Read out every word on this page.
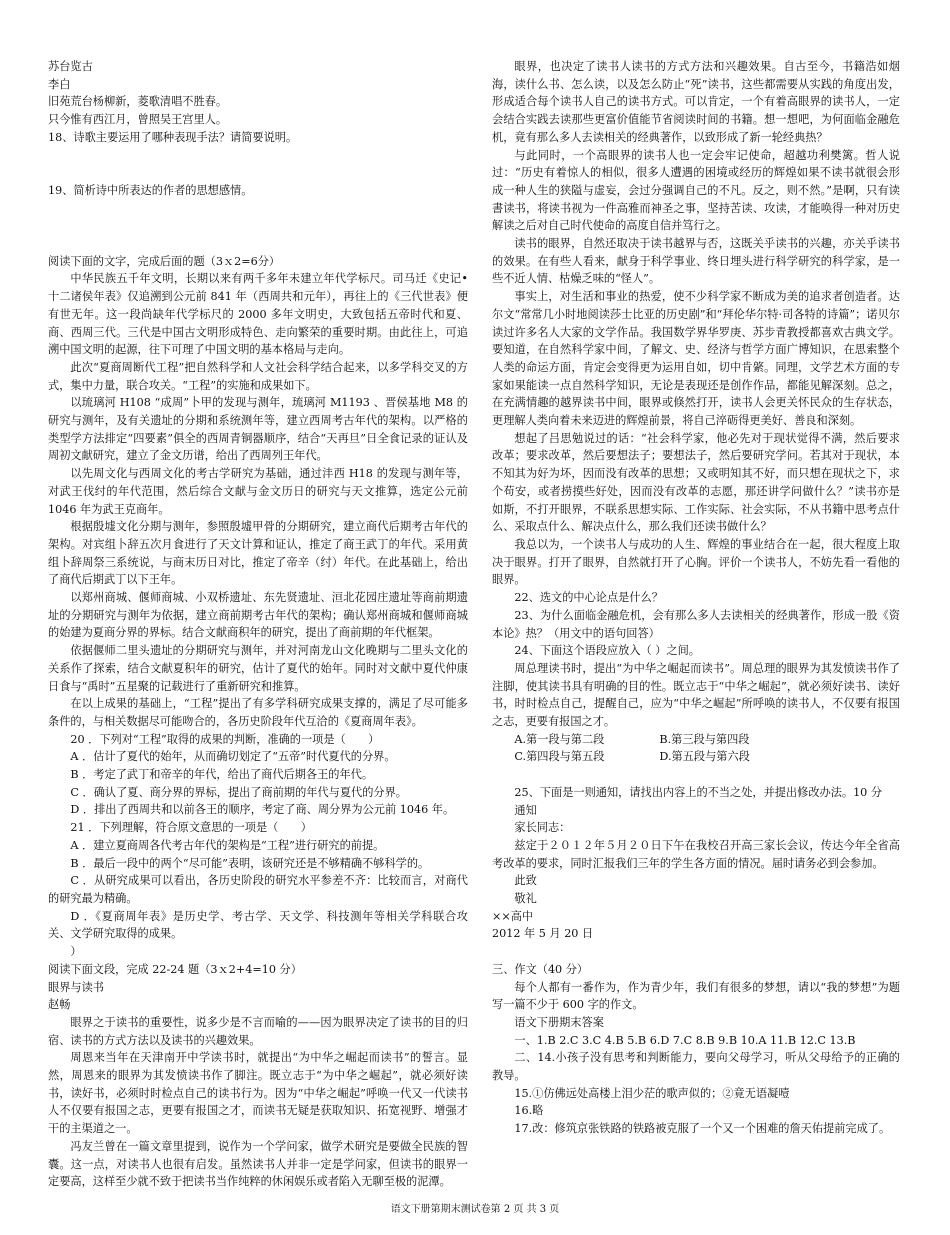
苏台览古

李白

旧苑荒台杨柳新，菱歌清唱不胜春。

只今惟有西江月，曾照吴王宫里人。

18、诗歌主要运用了哪种表现手法？请简要说明。

19、简析诗中所表达的作者的思想感情。

阅读下面的文字，完成后面的题（3ｘ2=6分）

中华民族五千年文明，长期以来有两千多年未建立年代学标尺。司马迁《史记•十二诸侯年表》仅追溯到公元前 841 年（西周共和元年），再往上的《三代世表》便有世无年。这一段尚缺年代学标尺的 2000 多年文明史，大致包括五帝时代和夏、商、西周三代。三代是中国古文明形成特色、走向繁荣的重要时期。由此往上，可追溯中国文明的起源，往下可理了中国文明的基本格局与走向。

此次“夏商周断代工程”把自然科学和人文社会科学结合起来，以多学科交叉的方式，集中力量，联合攻关。“工程”的实施和成果如下。

以琉璃河 H108 “成周”卜甲的发现与测年，琉璃河 M1193 、晋侯基地 M8 的研究与测年，及有关遗址的分期和系统测年等，建立西周考古年代的架构。以严格的类型学方法排定“四要素”俱全的西周青铜器顺序，结合“天再旦”日全食记录的证认及周初文献研究，建立了金文历谱，给出了西周列王年代。

以先周文化与西周文化的考古学研究为基础，通过沣西 H18 的发现与测年等，对武王伐纣的年代范围，然后综合文献与金文历日的研究与天文推算，选定公元前 1046 年为武王克商年。

根据殷墟文化分期与测年，参照殷墟甲骨的分期研究，建立商代后期考古年代的架构。对宾组卜辞五次月食进行了天文计算和证认，推定了商王武丁的年代。采用黄组卜辞周祭三系统说，与商末历日对比，推定了帝辛（纣）年代。在此基础上，给出了商代后期武丁以下王年。

以郑州商城、偃师商城、小双桥遗址、东先贤遗址、洹北花园庄遗址等商前期遗址的分期研究与测年为依据，建立商前期考古年代的架构；确认郑州商城和偃师商城的始建为夏商分界的界标。结合文献商积年的研究，提出了商前期的年代框架。

依据偃师二里头遗址的分期研究与测年，并对河南龙山文化晚期与二里头文化的关系作了探索，结合文献夏积年的研究，估计了夏代的始年。同时对文献中夏代仲康日食与“禹时”五星聚的记载进行了重新研究和推算。

在以上成果的基础上，“工程”提出了有多学科研究成果支撑的，满足了尽可能多条件的，与相关数据尽可能吻合的，各历史阶段年代互洽的《夏商周年表》。

20 ．下列对“工程”取得的成果的判断，准确的一项是（　　）

A ．估计了夏代的始年，从而确切划定了“五帝”时代夏代的分界。

B ．考定了武丁和帝辛的年代，给出了商代后期各王的年代。

C ．确认了夏、商分界的界标，提出了商前期的年代与夏代的分界。

D ．排出了西周共和以前各王的顺序，考定了商、周分界为公元前 1046 年。

21 ．下列理解，符合原文意思的一项是（　　）

A ．建立夏商周各代考古年代的架构是“工程”进行研究的前提。

B ．最后一段中的两个“尽可能”表明，该研究还是不够精确不够科学的。

C ．从研究成果可以看出，各历史阶段的研究水平参差不齐：比较而言，对商代的研究最为精确。

D ．《夏商周年表》是历史学、考古学、天文学、科技测年等相关学科联合攻关、文学研究取得的成果。

）

阅读下面文段，完成 22-24 题（3ｘ2+4=10 分）

眼界与读书

赵畅

眼界之于读书的重要性，说多少是不言而喻的——因为眼界决定了读书的目的归宿、读书的方式方法以及读书的兴趣效果。

周恩来当年在天津南开中学读书时，就提出“为中华之崛起而读书”的誓言。显然，周恩来的眼界为其发愤读书作了脚注。既立志于“为中华之崛起”，就必须好读书，读好书，必须时时检点自己的读书行为。因为“中华之崛起”呼唤一代又一代读书人不仅要有报国之志，更要有报国之才，而读书无疑是获取知识、拓宽视野、增强才干的主渠道之一。

冯友兰曾在一篇文章里提到，说作为一个学问家，做学术研究是要做全民族的智囊。这一点，对读书人也很有启发。虽然读书人并非一定是学问家，但读书的眼界一定要高，这样至少就不致于把读书当作纯粹的休闲娱乐或者陷入无聊至极的泥潭。

眼界，也决定了读书人读书的方式方法和兴趣效果。自古至今，书籍浩如烟海，读什么书、怎么读，以及怎么防止“死”读书，这些都需要从实践的角度出发，形成适合每个读书人自己的读书方式。可以肯定，一个有着高眼界的读书人，一定会结合实践去读那些更富价值能节省阅读时间的书籍。想一想吧，为何面临金融危机，竟有那么多人去读相关的经典著作，以致形成了新一轮经典热？

与此同时，一个高眼界的读书人也一定会牢记使命，超越功利樊篱。哲人说过：“历史有着惊人的相似，很多人遭遇的困境或经历的辉煌如果不读书就很会形成一种人生的狭隘与虚妄，会过分强调自己的不凡。反之，则不然。”是啊，只有读書读书，将读书视为一件高雅而神圣之事，坚持苦读、攻读，才能唤得一种对历史解读之后对自己时代使命的高度自信并笃行之。

读书的眼界，自然还取决于读书越界与否，这既关乎读书的兴趣，亦关乎读书的效果。在有些人看来，献身于科学事业、终日埋头进行科学研究的科学家，是一些不近人情、枯燥乏味的“怪人”。

事实上，对生活和事业的热爱，使不少科学家不断成为美的追求者创造者。达尔文“常常几小时地阅读莎士比亚的历史剧”和“拜伦华尔特·司各特的诗篇”；诺贝尔读过许多名人大家的文学作品。我国数学界华罗庚、苏步青教授都喜欢古典文学。要知道，在自然科学家中间，了解文、史、经济与哲学方面广博知识，在思索整个人类的命运方面，肯定会变得更为运用自如，切中肯綮。同理，文学艺术方面的专家如果能读一点自然科学知识，无论是表现还是创作作品，都能见解深刻。总之，在充满情趣的越界读书中间，眼界或倏然打开，读书人会更关怀民众的生存状态，更理解人类向着未来迈进的辉煌前景，将自己淬砺得更美好、善良和深刻。

想起了吕思勉说过的话：“社会科学家，他必先对于现状觉得不满，然后要求改革；要求改革，然后要想法子；要想法子，然后要研究学问。若其对于现状，本不知其为好为坏，因而没有改革的思想；又或明知其不好，而只想在现状之下，求个苟安，或者捞摸些好处，因而没有改革的志愿，那还讲学问做什么？”读书亦是如斯，不打开眼界，不联系思想实际、工作实际、社会实际，不从书籍中思考点什么、采取点什么、解决点什么，那么我们还读书做什么？

我总以为，一个读书人与成功的人生、辉煌的事业结合在一起，很大程度上取决于眼界。打开了眼界，自然就打开了心胸。评价一个读书人，不妨先看一看他的眼界。

22、选文的中心论点是什么？

23、为什么面临金融危机，会有那么多人去读相关的经典著作，形成一股《资本论》热？（用文中的语句回答）

24、下面这个语段应放入（ ）之间。

周总理读书时，提出“为中华之崛起而读书”。周总理的眼界为其发愤读书作了注脚，使其读书具有明确的目的性。既立志于“中华之崛起”，就必须好读书、读好书，时时检点自己，提醒自己，应为“中华之崛起”所呼唤的读书人，不仅要有报国之志，更要有报国之才。

A.第一段与第二段	B.第三段与第四段
C.第四段与第五段	D.第五段与第六段

25、下面是一则通知，请找出内容上的不当之处，并提出修改办法。10 分

通知

家长同志：

兹定于２０１２年５月２０日下午在我校召开高三家长会议，传达今年全省高考改革的要求，同时汇报我们三年的学生各方面的情况。届时请务必到会参加。

此致

敬礼

××高中

2012 年 5 月 20 日

三、作文（40 分）

每个人都有一番作为，作为青少年，我们有很多的梦想，请以“我的梦想”为题写一篇不少于 600 字的作文。

语文下册期末答案

一、1.B 2.C 3.C 4.B 5.B 6.D 7.C 8.B 9.B 10.A 11.B 12.C 13.B

二、14.小孩子没有思考和判断能力，要向父母学习，听从父母给予的正确的教导。

15.①仿佛远处高楼上泪少茫的歌声似的；②竟无语凝噎

16.略

17.改：修筑京张铁路的铁路被克服了一个又一个困难的詹天佑提前完成了。

语文下册第期末测试卷第 2 页 共 3 页
